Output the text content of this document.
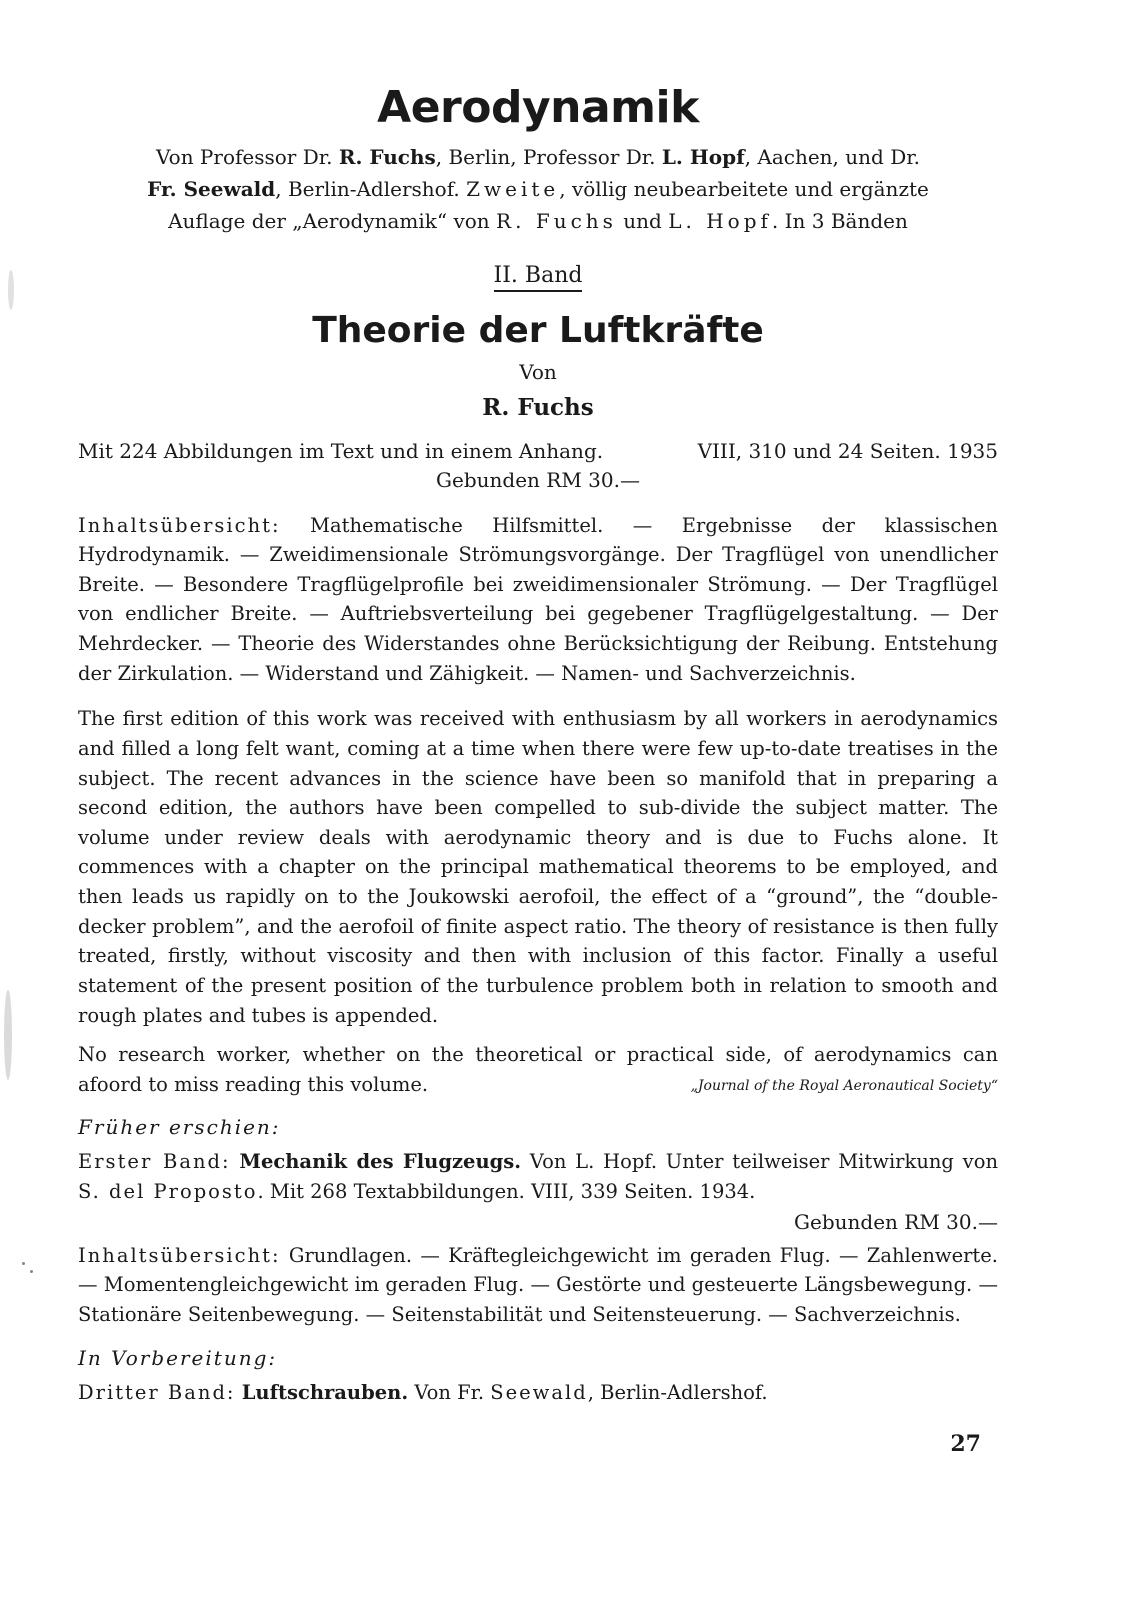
Aerodynamik
Von Professor Dr. R. Fuchs, Berlin, Professor Dr. L. Hopf, Aachen, und Dr.
Fr. Seewald, Berlin-Adlershof. Zweite, völlig neubearbeitete und ergänzte Auflage der „Aerodynamik“ von R. Fuchs und L. Hopf. In 3 Bänden
II. Band
Theorie der Luftkräfte
Von
R. Fuchs
Mit 224 Abbildungen im Text und in einem Anhang.	VIII, 310 und 24 Seiten. 1935
Gebunden RM 30.—

Inhaltsübersicht: Mathematische Hilfsmittel. — Ergebnisse der klassischen Hydrodynamik. — Zweidimensionale Strömungsvorgänge. Der Tragflügel von unendlicher Breite. — Besondere Tragflügelprofile bei zweidimensionaler Strömung. — Der Tragflügel von endlicher Breite. — Auftriebsverteilung bei gegebener Tragflügelgestaltung. — Der Mehrdecker. — Theorie des Widerstandes ohne Berücksichtigung der Reibung. Entstehung der Zirkulation. — Widerstand und Zähigkeit. — Namen- und Sachverzeichnis.

The first edition of this work was received with enthusiasm by all workers in aerodynamics and filled a long felt want, coming at a time when there were few up-to-date treatises in the subject. The recent advances in the science have been so manifold that in preparing a second edition, the authors have been compelled to sub-divide the subject matter. The volume under review deals with aerodynamic theory and is due to Fuchs alone. It commences with a chapter on the principal mathematical theorems to be employed, and then leads us rapidly on to the Joukowski aerofoil, the effect of a “ground”, the “double-decker problem”, and the aerofoil of finite aspect ratio. The theory of resistance is then fully treated, firstly, without viscosity and then with inclusion of this factor. Finally a useful statement of the present position of the turbulence problem both in relation to smooth and rough plates and tubes is appended.

No research worker, whether on the theoretical or practical side, of aerodynamics can afoord to miss reading this volume.	„Journal of the Royal Aeronautical Society“

Früher erschien:

Erster Band: Mechanik des Flugzeugs. Von L. Hopf. Unter teilweiser Mitwirkung von S. del Proposto. Mit 268 Textabbildungen. VIII, 339 Seiten. 1934.

Gebunden RM 30.—

Inhaltsübersicht: Grundlagen. — Kräftegleichgewicht im geraden Flug. — Zahlenwerte. — Momentengleichgewicht im geraden Flug. — Gestörte und gesteuerte Längsbewegung. — Stationäre Seitenbewegung. — Seitenstabilität und Seitensteuerung. — Sachverzeichnis.

In Vorbereitung:

Dritter Band: Luftschrauben. Von Fr. Seewald, Berlin-Adlershof.

27
